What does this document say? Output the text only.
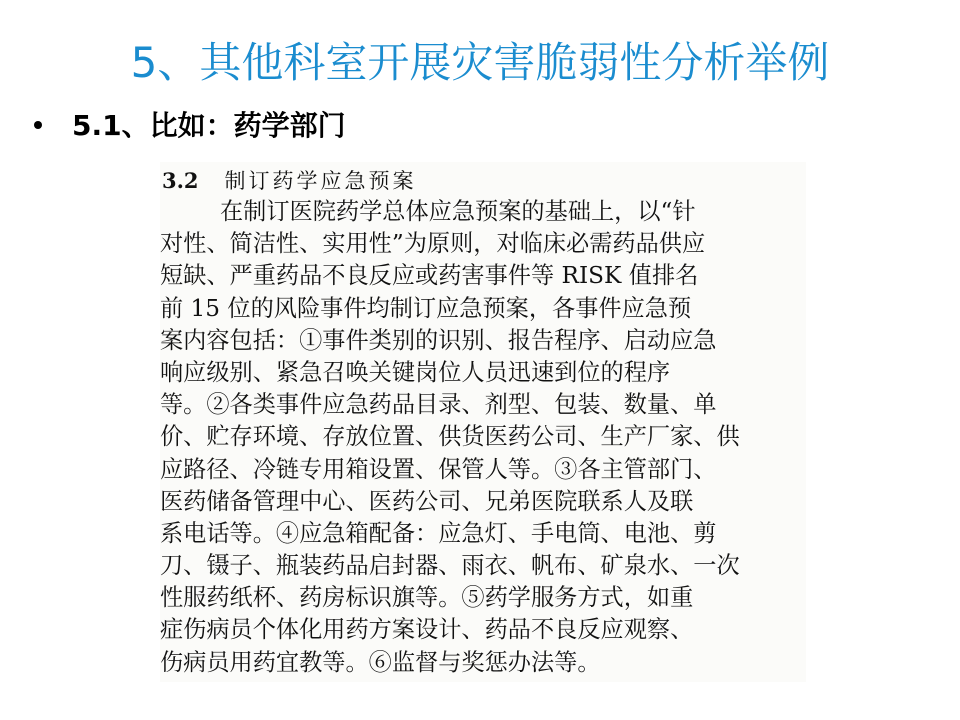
5、其他科室开展灾害脆弱性分析举例
5.1、比如：药学部门
3.2 制订药学应急预案
在制订医院药学总体应急预案的基础上，以“针
对性、简洁性、实用性”为原则，对临床必需药品供应
短缺、严重药品不良反应或药害事件等 RISK 值排名
前 15 位的风险事件均制订应急预案，各事件应急预
案内容包括：①事件类别的识别、报告程序、启动应急
响应级别、紧急召唤关键岗位人员迅速到位的程序
等。②各类事件应急药品目录、剂型、包装、数量、单
价、贮存环境、存放位置、供货医药公司、生产厂家、供
应路径、冷链专用箱设置、保管人等。③各主管部门、
医药储备管理中心、医药公司、兄弟医院联系人及联
系电话等。④应急箱配备：应急灯、手电筒、电池、剪
刀、镊子、瓶装药品启封器、雨衣、帆布、矿泉水、一次
性服药纸杯、药房标识旗等。⑤药学服务方式，如重
症伤病员个体化用药方案设计、药品不良反应观察、
伤病员用药宜教等。⑥监督与奖惩办法等。
